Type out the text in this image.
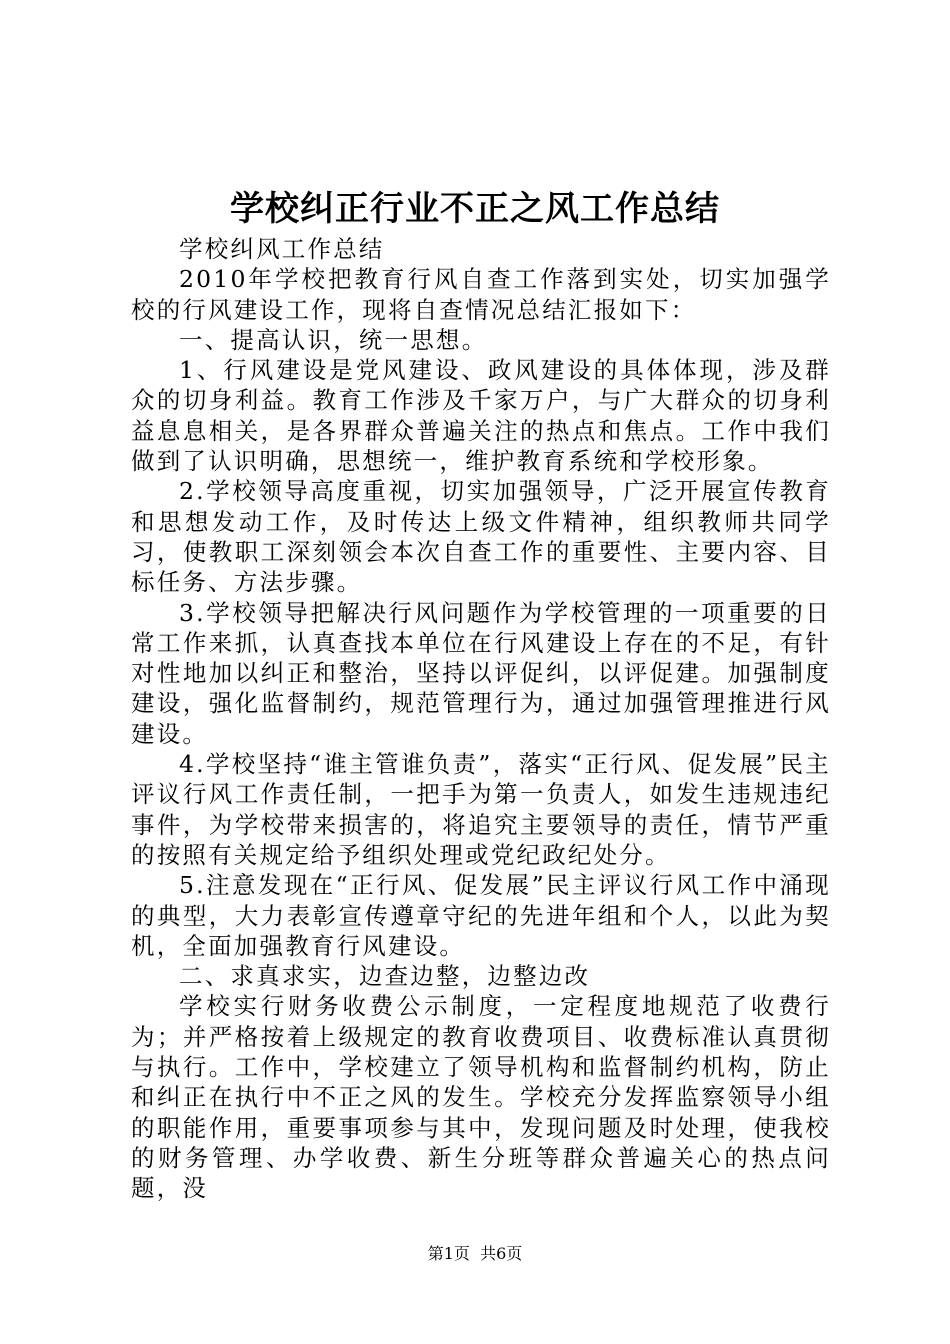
学校纠正行业不正之风工作总结

学校纠风工作总结

2010年学校把教育行风自查工作落到实处，切实加强学校的行风建设工作，现将自查情况总结汇报如下：

一、提高认识，统一思想。

1、行风建设是党风建设、政风建设的具体体现，涉及群众的切身利益。教育工作涉及千家万户，与广大群众的切身利益息息相关，是各界群众普遍关注的热点和焦点。工作中我们做到了认识明确，思想统一，维护教育系统和学校形象。

2.学校领导高度重视，切实加强领导，广泛开展宣传教育和思想发动工作，及时传达上级文件精神，组织教师共同学习，使教职工深刻领会本次自查工作的重要性、主要内容、目标任务、方法步骤。

3.学校领导把解决行风问题作为学校管理的一项重要的日常工作来抓，认真查找本单位在行风建设上存在的不足，有针对性地加以纠正和整治，坚持以评促纠，以评促建。加强制度建设，强化监督制约，规范管理行为，通过加强管理推进行风建设。

4.学校坚持“谁主管谁负责”，落实“正行风、促发展”民主评议行风工作责任制，一把手为第一负责人，如发生违规违纪事件，为学校带来损害的，将追究主要领导的责任，情节严重的按照有关规定给予组织处理或党纪政纪处分。

5.注意发现在“正行风、促发展”民主评议行风工作中涌现的典型，大力表彰宣传遵章守纪的先进年组和个人，以此为契机，全面加强教育行风建设。

二、求真求实，边查边整，边整边改

学校实行财务收费公示制度，一定程度地规范了收费行为；并严格按着上级规定的教育收费项目、收费标准认真贯彻与执行。工作中，学校建立了领导机构和监督制约机构，防止和纠正在执行中不正之风的发生。学校充分发挥监察领导小组的职能作用，重要事项参与其中，发现问题及时处理，使我校的财务管理、办学收费、新生分班等群众普遍关心的热点问题，没

第1页 共6页
